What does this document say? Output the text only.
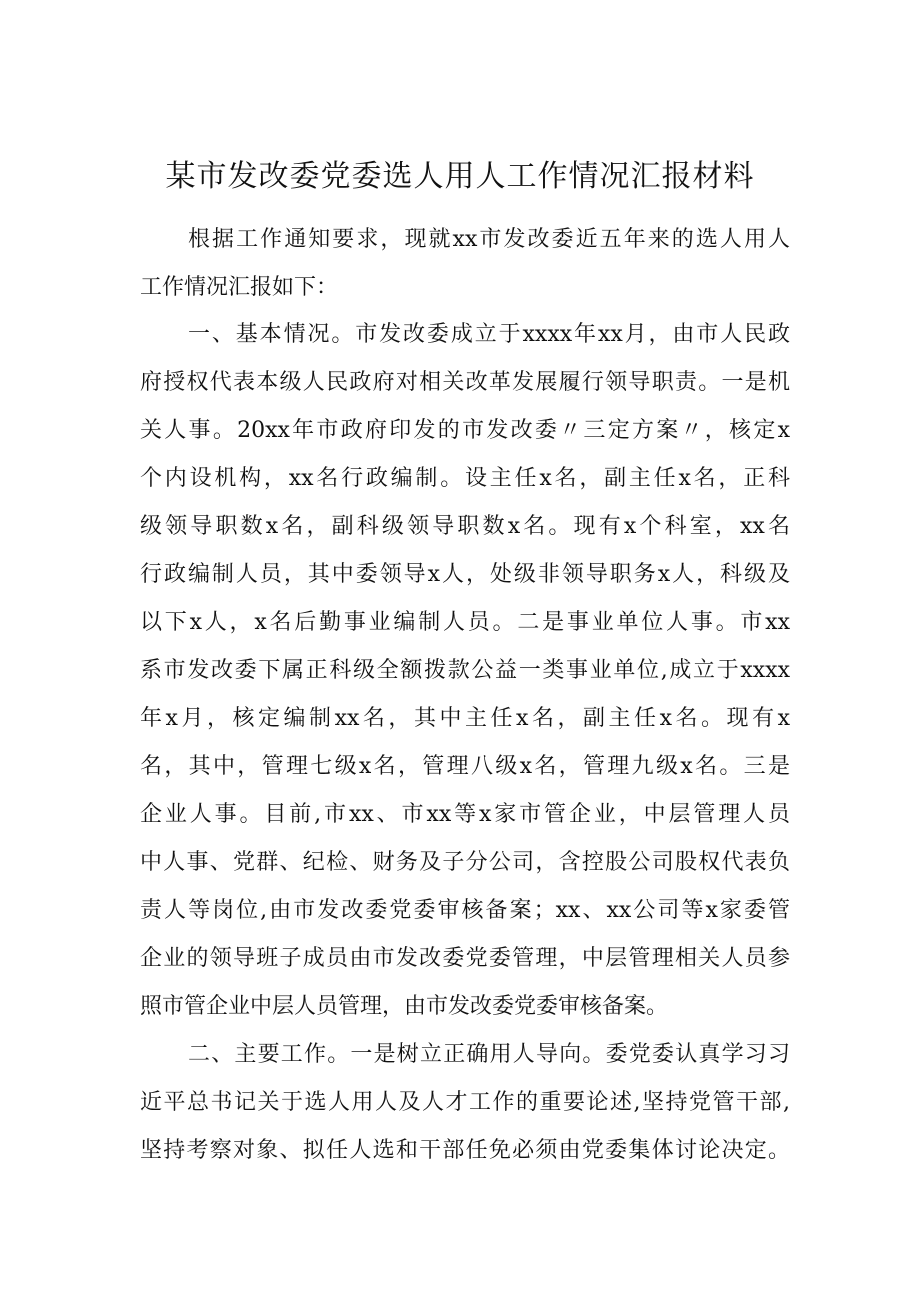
某市发改委党委选人用人工作情况汇报材料
根据工作通知要求，现就xx市发改委近五年来的选人用人
工作情况汇报如下：
一、基本情况。市发改委成立于xxxx年xx月，由市人民政
府授权代表本级人民政府对相关改革发展履行领导职责。一是机
关人事。20xx年市政府印发的市发改委〃三定方案〃，核定x
个内设机构，xx名行政编制。设主任x名，副主任x名，正科
级领导职数x名，副科级领导职数x名。现有x个科室，xx名
行政编制人员，其中委领导x人，处级非领导职务x人，科级及
以下x人，x名后勤事业编制人员。二是事业单位人事。市xx
系市发改委下属正科级全额拨款公益一类事业单位,成立于xxxx
年x月，核定编制xx名，其中主任x名，副主任x名。现有x
名，其中，管理七级x名，管理八级x名，管理九级x名。三是
企业人事。目前,市xx、市xx等x家市管企业，中层管理人员
中人事、党群、纪检、财务及子分公司，含控股公司股权代表负
责人等岗位,由市发改委党委审核备案；xx、xx公司等x家委管
企业的领导班子成员由市发改委党委管理，中层管理相关人员参
照市管企业中层人员管理，由市发改委党委审核备案。
二、主要工作。一是树立正确用人导向。委党委认真学习习
近平总书记关于选人用人及人才工作的重要论述,坚持党管干部,
坚持考察对象、拟任人选和干部任免必须由党委集体讨论决定。
